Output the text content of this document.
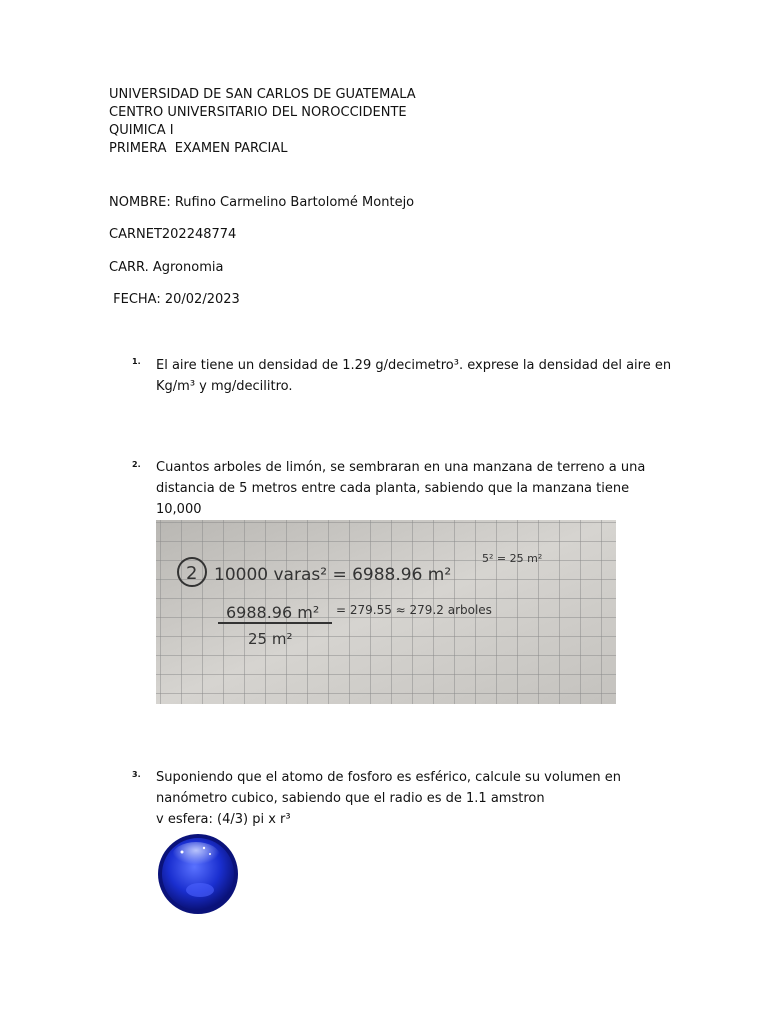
UNIVERSIDAD DE SAN CARLOS DE GUATEMALA
CENTRO UNIVERSITARIO DEL NOROCCIDENTE
QUIMICA I
PRIMERA  EXAMEN PARCIAL
NOMBRE: Rufino Carmelino Bartolomé Montejo
CARNET202248774
CARR. Agronomia
FECHA: 20/02/2023
1. El aire tiene un densidad de 1.29 g/decimetro³. exprese la densidad del aire en
Kg/m³ y mg/decilitro.
2. Cuantos arboles de limón, se sembraran en una manzana de terreno a una
distancia de 5 metros entre cada planta, sabiendo que la manzana tiene 10,000
2 10000 varas² = 6988.96 m²
5² = 25 m²
6988.96 m² = 279.55 ≈ 279.2 arboles
25 m²
3. Suponiendo que el atomo de fosforo es esférico, calcule su volumen en
nanómetro cubico, sabiendo que el radio es de 1.1 amstron
v esfera: (4/3) pi x r³
